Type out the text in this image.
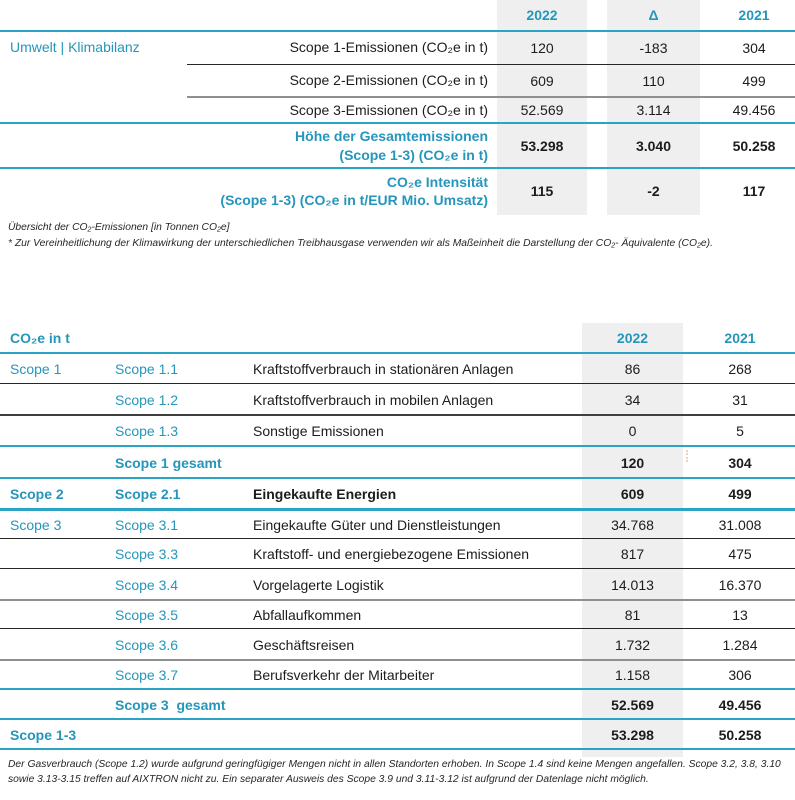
2022	Δ	2021
Umwelt | Klimabilanz	Scope 1-Emissionen (CO₂e in t)	120	-183	304
Scope 2-Emissionen (CO₂e in t)	609	110	499
Scope 3-Emissionen (CO₂e in t)	52.569	3.114	49.456
Höhe der Gesamtemissionen
(Scope 1-3) (CO₂e in t)
53.298	3.040	50.258
CO₂e Intensität
(Scope 1-3) (CO₂e in t/EUR Mio. Umsatz)
115	-2	117
Übersicht der CO₂-Emissionen [in Tonnen CO₂e]
* Zur Vereinheitlichung der Klimawirkung der unterschiedlichen Treibhausgase verwenden wir als Maßeinheit die Darstellung der CO₂- Äquivalente (CO₂e).
CO₂e in t	2022	2021
Scope 1	Scope 1.1	Kraftstoffverbrauch in stationären Anlagen	86	268
Scope 1.2	Kraftstoffverbrauch in mobilen Anlagen	34	31
Scope 1.3	Sonstige Emissionen	0	5
Scope 1 gesamt	120	304
Scope 2	Scope 2.1	Eingekaufte Energien	609	499
Scope 3	Scope 3.1	Eingekaufte Güter und Dienstleistungen	34.768	31.008
Scope 3.3	Kraftstoff- und energiebezogene Emissionen	817	475
Scope 3.4	Vorgelagerte Logistik	14.013	16.370
Scope 3.5	Abfallaufkommen	81	13
Scope 3.6	Geschäftsreisen	1.732	1.284
Scope 3.7	Berufsverkehr der Mitarbeiter	1.158	306
Scope 3  gesamt	52.569	49.456
Scope 1-3	53.298	50.258
Der Gasverbrauch (Scope 1.2) wurde aufgrund geringfügiger Mengen nicht in allen Standorten erhoben. In Scope 1.4 sind keine Mengen angefallen. Scope 3.2, 3.8, 3.10 sowie 3.13-3.15 treffen auf AIXTRON nicht zu. Ein separater Ausweis des Scope 3.9 und 3.11-3.12 ist aufgrund der Datenlage nicht möglich.
